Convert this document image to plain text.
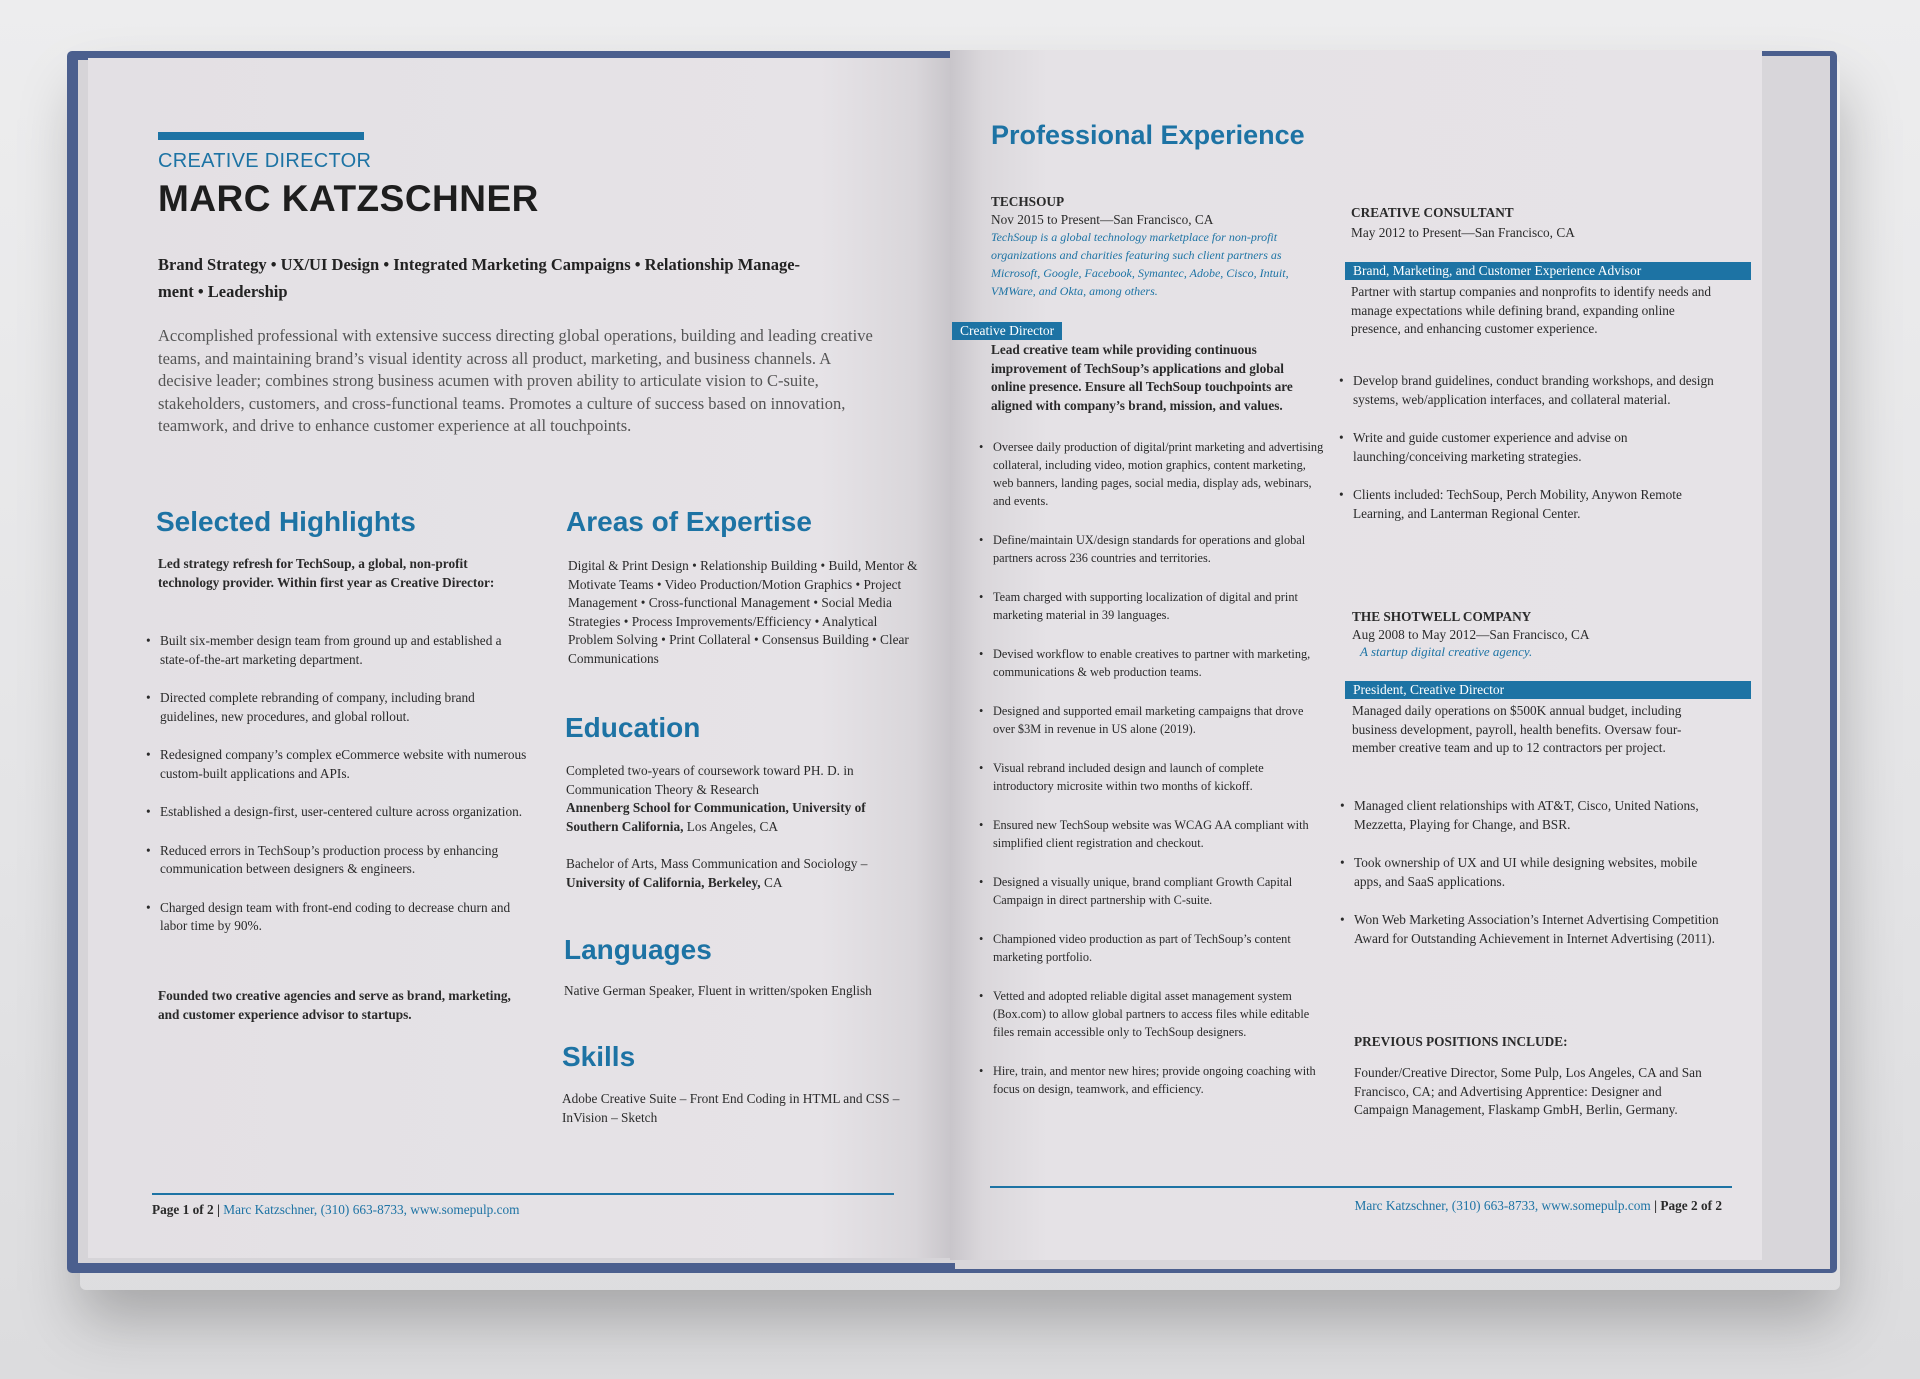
CREATIVE DIRECTOR
MARC KATZSCHNER
Brand Strategy • UX/UI Design • Integrated Marketing Campaigns • Relationship Manage-
ment • Leadership
Accomplished professional with extensive success directing global operations, building and leading creative teams, and maintaining brand’s visual identity across all product, marketing, and business channels. A decisive leader; combines strong business acumen with proven ability to articulate vision to C-suite, stakeholders, customers, and cross-functional teams. Promotes a culture of success based on innovation, teamwork, and drive to enhance customer experience at all touchpoints.
Selected Highlights
Led strategy refresh for TechSoup, a global, non-profit technology provider. Within first year as Creative Director:
• Built six-member design team from ground up and established a state-of-the-art marketing department.
• Directed complete rebranding of company, including brand guidelines, new procedures, and global rollout.
• Redesigned company’s complex eCommerce website with numerous custom-built applications and APIs.
• Established a design-first, user-centered culture across organization.
• Reduced errors in TechSoup’s production process by enhancing communication between designers & engineers.
• Charged design team with front-end coding to decrease churn and labor time by 90%.
Founded two creative agencies and serve as brand, marketing, and customer experience advisor to startups.
Areas of Expertise
Digital & Print Design • Relationship Building • Build, Mentor & Motivate Teams • Video Production/Motion Graphics • Project Management • Cross-functional Management • Social Media Strategies • Process Improvements/Efficiency • Analytical Problem Solving • Print Collateral • Consensus Building • Clear Communications
Education
Completed two-years of coursework toward PH. D. in Communication Theory & Research
Annenberg School for Communication, University of Southern California, Los Angeles, CA
Bachelor of Arts, Mass Communication and Sociology –
University of California, Berkeley, CA
Languages
Native German Speaker, Fluent in written/spoken English
Skills
Adobe Creative Suite – Front End Coding in HTML and CSS – InVision – Sketch
Page 1 of 2 | Marc Katzschner, (310) 663-8733, www.somepulp.com
Professional Experience
TECHSOUP
Nov 2015 to Present—San Francisco, CA
TechSoup is a global technology marketplace for non-profit organizations and charities featuring such client partners as Microsoft, Google, Facebook, Symantec, Adobe, Cisco, Intuit, VMWare, and Okta, among others.
Creative Director
Lead creative team while providing continuous improvement of TechSoup’s applications and global online presence. Ensure all TechSoup touchpoints are aligned with company’s brand, mission, and values.
• Oversee daily production of digital/print marketing and advertising collateral, including video, motion graphics, content marketing, web banners, landing pages, social media, display ads, webinars, and events.
• Define/maintain UX/design standards for operations and global partners across 236 countries and territories.
• Team charged with supporting localization of digital and print marketing material in 39 languages.
• Devised workflow to enable creatives to partner with marketing, communications & web production teams.
• Designed and supported email marketing campaigns that drove over $3M in revenue in US alone (2019).
• Visual rebrand included design and launch of complete introductory microsite within two months of kickoff.
• Ensured new TechSoup website was WCAG AA compliant with simplified client registration and checkout.
• Designed a visually unique, brand compliant Growth Capital Campaign in direct partnership with C-suite.
• Championed video production as part of TechSoup’s content marketing portfolio.
• Vetted and adopted reliable digital asset management system (Box.com) to allow global partners to access files while editable files remain accessible only to TechSoup designers.
• Hire, train, and mentor new hires; provide ongoing coaching with focus on design, teamwork, and efficiency.
CREATIVE CONSULTANT
May 2012 to Present—San Francisco, CA
Brand, Marketing, and Customer Experience Advisor
Partner with startup companies and nonprofits to identify needs and manage expectations while defining brand, expanding online presence, and enhancing customer experience.
• Develop brand guidelines, conduct branding workshops, and design systems, web/application interfaces, and collateral material.
• Write and guide customer experience and advise on launching/conceiving marketing strategies.
• Clients included: TechSoup, Perch Mobility, Anywon Remote Learning, and Lanterman Regional Center.
THE SHOTWELL COMPANY
Aug 2008 to May 2012—San Francisco, CA
A startup digital creative agency.
President, Creative Director
Managed daily operations on $500K annual budget, including business development, payroll, health benefits. Oversaw four-member creative team and up to 12 contractors per project.
• Managed client relationships with AT&T, Cisco, United Nations, Mezzetta, Playing for Change, and BSR.
• Took ownership of UX and UI while designing websites, mobile apps, and SaaS applications.
• Won Web Marketing Association’s Internet Advertising Competition Award for Outstanding Achievement in Internet Advertising (2011).
PREVIOUS POSITIONS INCLUDE:
Founder/Creative Director, Some Pulp, Los Angeles, CA and San Francisco, CA; and Advertising Apprentice: Designer and Campaign Management, Flaskamp GmbH, Berlin, Germany.
Marc Katzschner, (310) 663-8733, www.somepulp.com | Page 2 of 2
